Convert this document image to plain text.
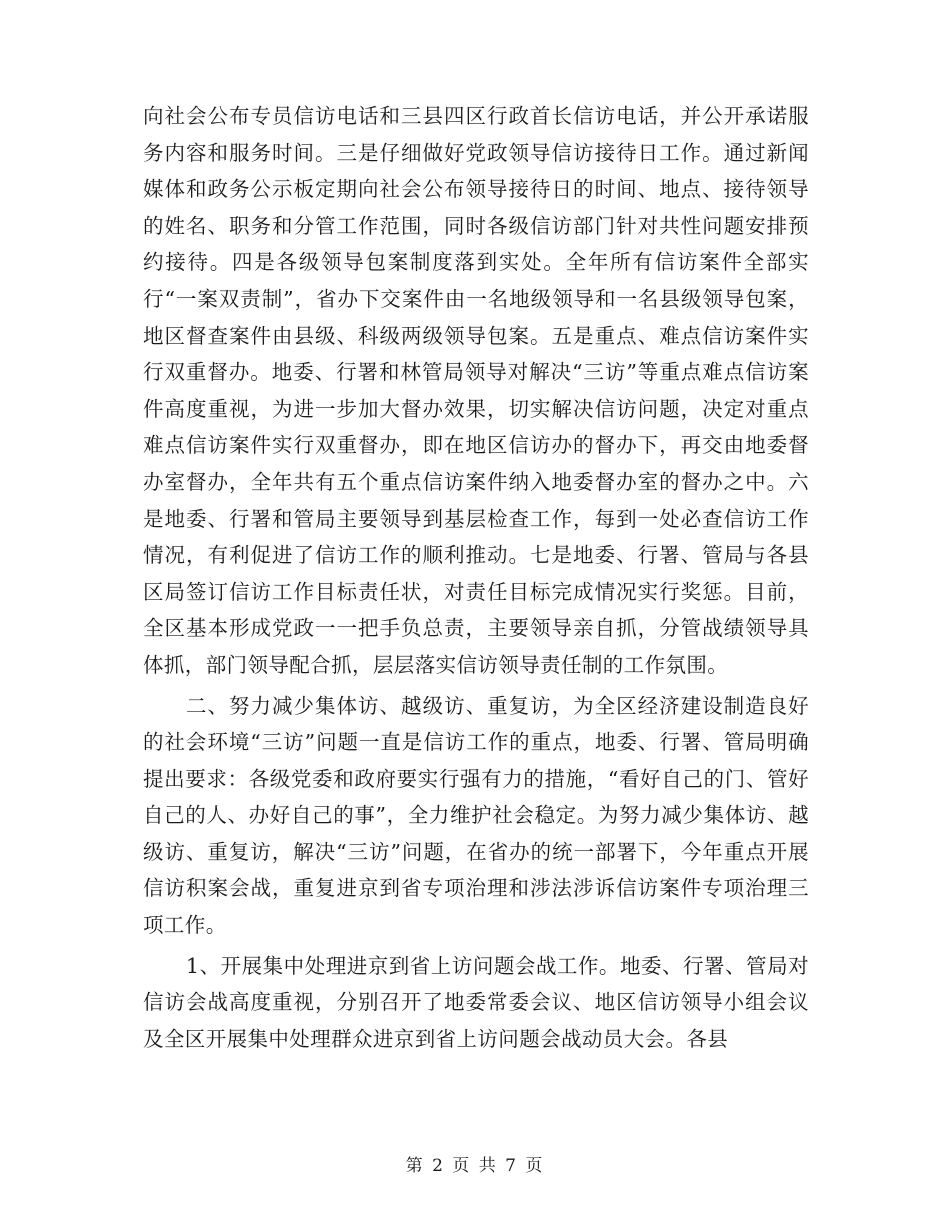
向社会公布专员信访电话和三县四区行政首长信访电话，并公开承诺服务内容和服务时间。三是仔细做好党政领导信访接待日工作。通过新闻媒体和政务公示板定期向社会公布领导接待日的时间、地点、接待领导的姓名、职务和分管工作范围，同时各级信访部门针对共性问题安排预约接待。四是各级领导包案制度落到实处。全年所有信访案件全部实行“一案双责制”，省办下交案件由一名地级领导和一名县级领导包案，地区督查案件由县级、科级两级领导包案。五是重点、难点信访案件实行双重督办。地委、行署和林管局领导对解决“三访”等重点难点信访案件高度重视，为进一步加大督办效果，切实解决信访问题，决定对重点难点信访案件实行双重督办，即在地区信访办的督办下，再交由地委督办室督办，全年共有五个重点信访案件纳入地委督办室的督办之中。六是地委、行署和管局主要领导到基层检查工作，每到一处必查信访工作情况，有利促进了信访工作的顺利推动。七是地委、行署、管局与各县区局签订信访工作目标责任状，对责任目标完成情况实行奖惩。目前，全区基本形成党政一一把手负总责，主要领导亲自抓，分管战绩领导具体抓，部门领导配合抓，层层落实信访领导责任制的工作氛围。

二、努力减少集体访、越级访、重复访，为全区经济建设制造良好的社会环境“三访”问题一直是信访工作的重点，地委、行署、管局明确提出要求：各级党委和政府要实行强有力的措施，“看好自己的门、管好自己的人、办好自己的事”，全力维护社会稳定。为努力减少集体访、越级访、重复访，解决“三访”问题，在省办的统一部署下，今年重点开展信访积案会战，重复进京到省专项治理和涉法涉诉信访案件专项治理三项工作。

1、开展集中处理进京到省上访问题会战工作。地委、行署、管局对信访会战高度重视，分别召开了地委常委会议、地区信访领导小组会议及全区开展集中处理群众进京到省上访问题会战动员大会。各县

第 2 页 共 7 页
